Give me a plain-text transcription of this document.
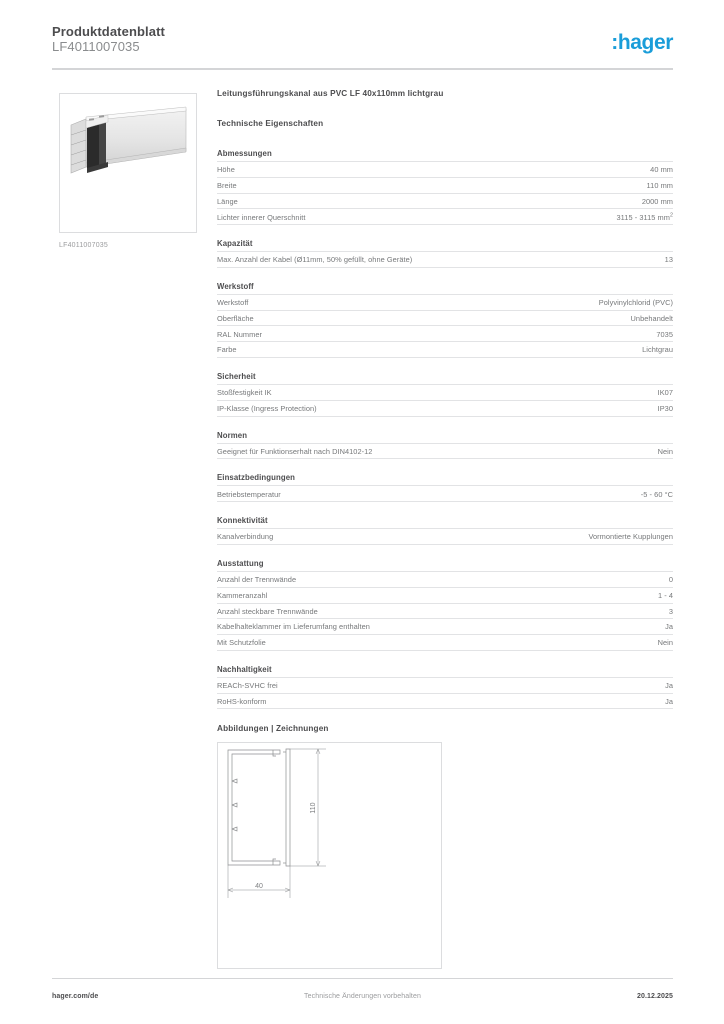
Produktdatenblatt
LF4011007035	:hager
LF4011007035
Leitungsführungskanal aus PVC LF 40x110mm lichtgrau
Technische Eigenschaften
Abmessungen
Höhe	40 mm
Breite	110 mm
Länge	2000 mm
Lichter innerer Querschnitt	3115 - 3115 $mm^2$
Kapazität
Max. Anzahl der Kabel (Ø11mm, 50% gefüllt, ohne Geräte)	13
Werkstoff
Werkstoff	Polyvinylchlorid (PVC)
Oberfläche	Unbehandelt
RAL Nummer	7035
Farbe	Lichtgrau
Sicherheit
Stoßfestigkeit IK	IK07
IP-Klasse (Ingress Protection)	IP30
Normen
Geeignet für Funktionserhalt nach DIN4102-12	Nein
Einsatzbedingungen
Betriebstemperatur	-5 - 60 °C
Konnektivität
Kanalverbindung	Vormontierte Kupplungen
Ausstattung
Anzahl der Trennwände	0
Kammeranzahl	1 - 4
Anzahl steckbare Trennwände	3
Kabelhalteklammer im Lieferumfang enthalten	Ja
Mit Schutzfolie	Nein
Nachhaltigkeit
REACh-SVHC frei	Ja
RoHS-konform	Ja
Abbildungen | Zeichnungen
110
40
hager.com/de	Technische Änderungen vorbehalten	20.12.2025
